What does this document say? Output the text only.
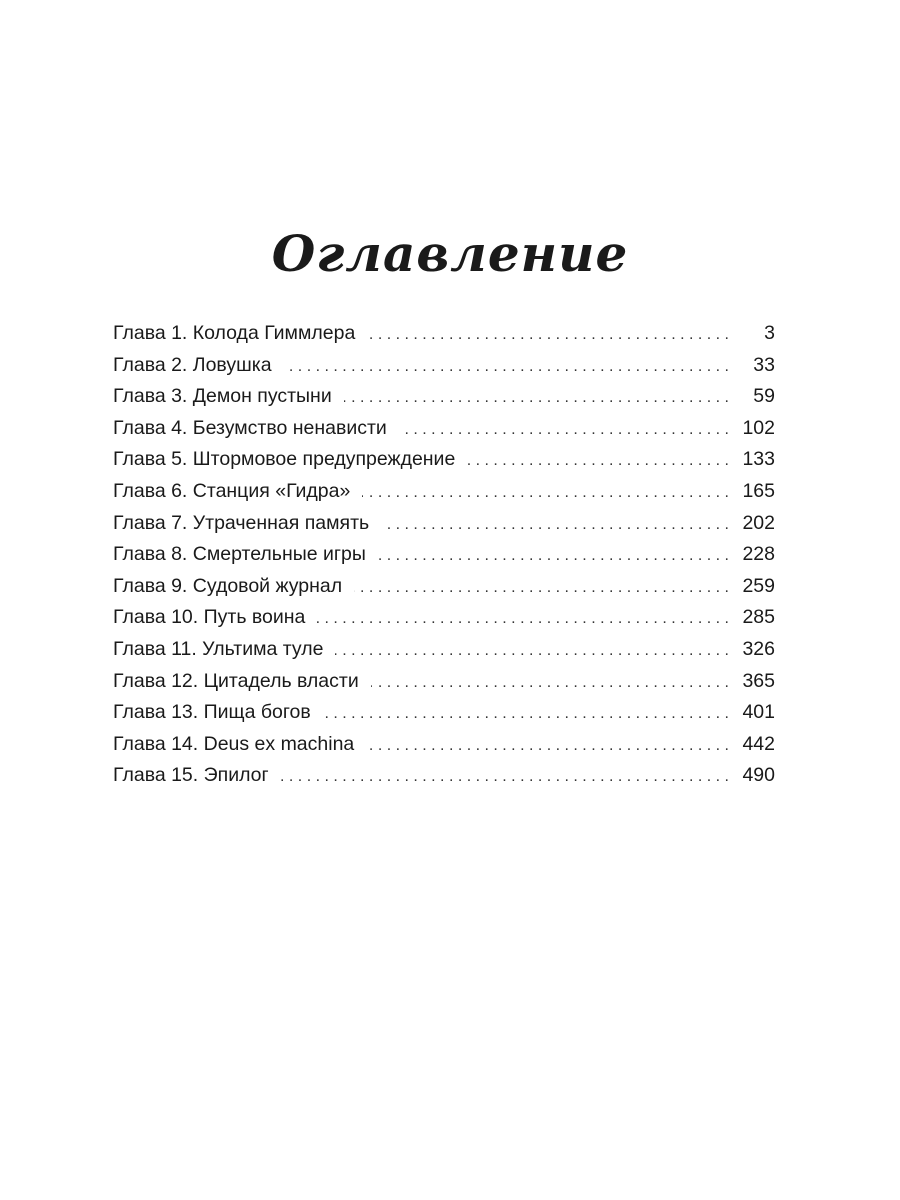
Оглавление
Глава 1. Колода Гиммлера . . .	3
Глава 2. Ловушка . . .	33
Глава 3. Демон пустыни . . .	59
Глава 4. Безумство ненависти . . .	102
Глава 5. Штормовое предупреждение . . .	133
Глава 6. Станция «Гидра» . . .	165
Глава 7. Утраченная память . . .	202
Глава 8. Смертельные игры . . .	228
Глава 9. Судовой журнал . . .	259
Глава 10. Путь воина . . .	285
Глава 11. Ультима туле . . .	326
Глава 12. Цитадель власти . . .	365
Глава 13. Пища богов . . .	401
Глава 14. Deus ex machina . . .	442
Глава 15. Эпилог . . .	490
